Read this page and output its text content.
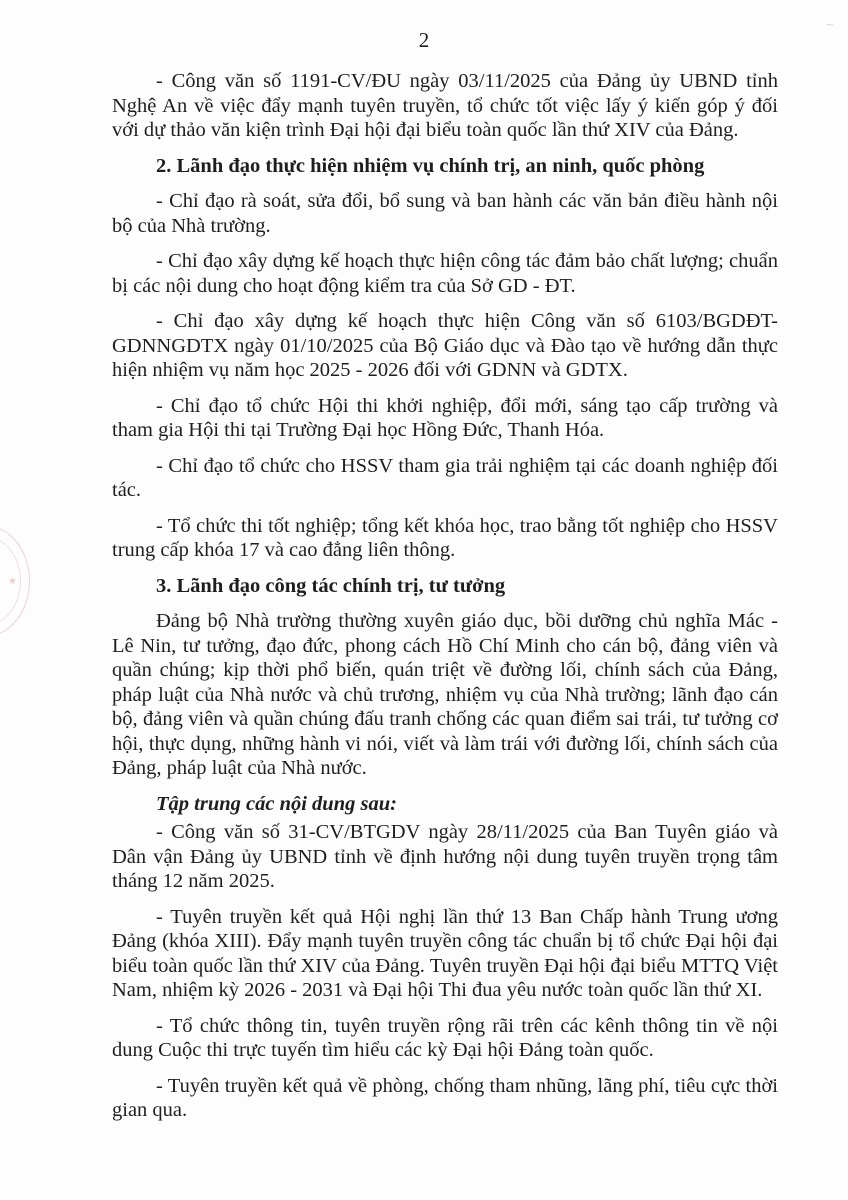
★
~
2

- Công văn số 1191-CV/ĐU ngày 03/11/2025 của Đảng ủy UBND tỉnh Nghệ An về việc đẩy mạnh tuyên truyền, tổ chức tốt việc lấy ý kiến góp ý đối với dự thảo văn kiện trình Đại hội đại biểu toàn quốc lần thứ XIV của Đảng.

2. Lãnh đạo thực hiện nhiệm vụ chính trị, an ninh, quốc phòng

- Chỉ đạo rà soát, sửa đổi, bổ sung và ban hành các văn bản điều hành nội bộ của Nhà trường.

- Chỉ đạo xây dựng kế hoạch thực hiện công tác đảm bảo chất lượng; chuẩn bị các nội dung cho hoạt động kiểm tra của Sở GD - ĐT.

- Chỉ đạo xây dựng kế hoạch thực hiện Công văn số 6103/BGDĐT-GDNNGDTX ngày 01/10/2025 của Bộ Giáo dục và Đào tạo về hướng dẫn thực hiện nhiệm vụ năm học 2025 - 2026 đối với GDNN và GDTX.

- Chỉ đạo tổ chức Hội thi khởi nghiệp, đổi mới, sáng tạo cấp trường và tham gia Hội thi tại Trường Đại học Hồng Đức, Thanh Hóa.

- Chỉ đạo tổ chức cho HSSV tham gia trải nghiệm tại các doanh nghiệp đối tác.

- Tổ chức thi tốt nghiệp; tổng kết khóa học, trao bằng tốt nghiệp cho HSSV trung cấp khóa 17 và cao đẳng liên thông.

3. Lãnh đạo công tác chính trị, tư tưởng

Đảng bộ Nhà trường thường xuyên giáo dục, bồi dưỡng chủ nghĩa Mác - Lê Nin, tư tưởng, đạo đức, phong cách Hồ Chí Minh cho cán bộ, đảng viên và quần chúng; kịp thời phổ biến, quán triệt về đường lối, chính sách của Đảng, pháp luật của Nhà nước và chủ trương, nhiệm vụ của Nhà trường; lãnh đạo cán bộ, đảng viên và quần chúng đấu tranh chống các quan điểm sai trái, tư tưởng cơ hội, thực dụng, những hành vi nói, viết và làm trái với đường lối, chính sách của Đảng, pháp luật của Nhà nước.

Tập trung các nội dung sau:

- Công văn số 31-CV/BTGDV ngày 28/11/2025 của Ban Tuyên giáo và Dân vận Đảng ủy UBND tỉnh về định hướng nội dung tuyên truyền trọng tâm tháng 12 năm 2025.

- Tuyên truyền kết quả Hội nghị lần thứ 13 Ban Chấp hành Trung ương Đảng (khóa XIII). Đẩy mạnh tuyên truyền công tác chuẩn bị tổ chức Đại hội đại biểu toàn quốc lần thứ XIV của Đảng. Tuyên truyền Đại hội đại biểu MTTQ Việt Nam, nhiệm kỳ 2026 - 2031 và Đại hội Thi đua yêu nước toàn quốc lần thứ XI.

- Tổ chức thông tin, tuyên truyền rộng rãi trên các kênh thông tin về nội dung Cuộc thi trực tuyến tìm hiểu các kỳ Đại hội Đảng toàn quốc.

- Tuyên truyền kết quả về phòng, chống tham nhũng, lãng phí, tiêu cực thời gian qua.
